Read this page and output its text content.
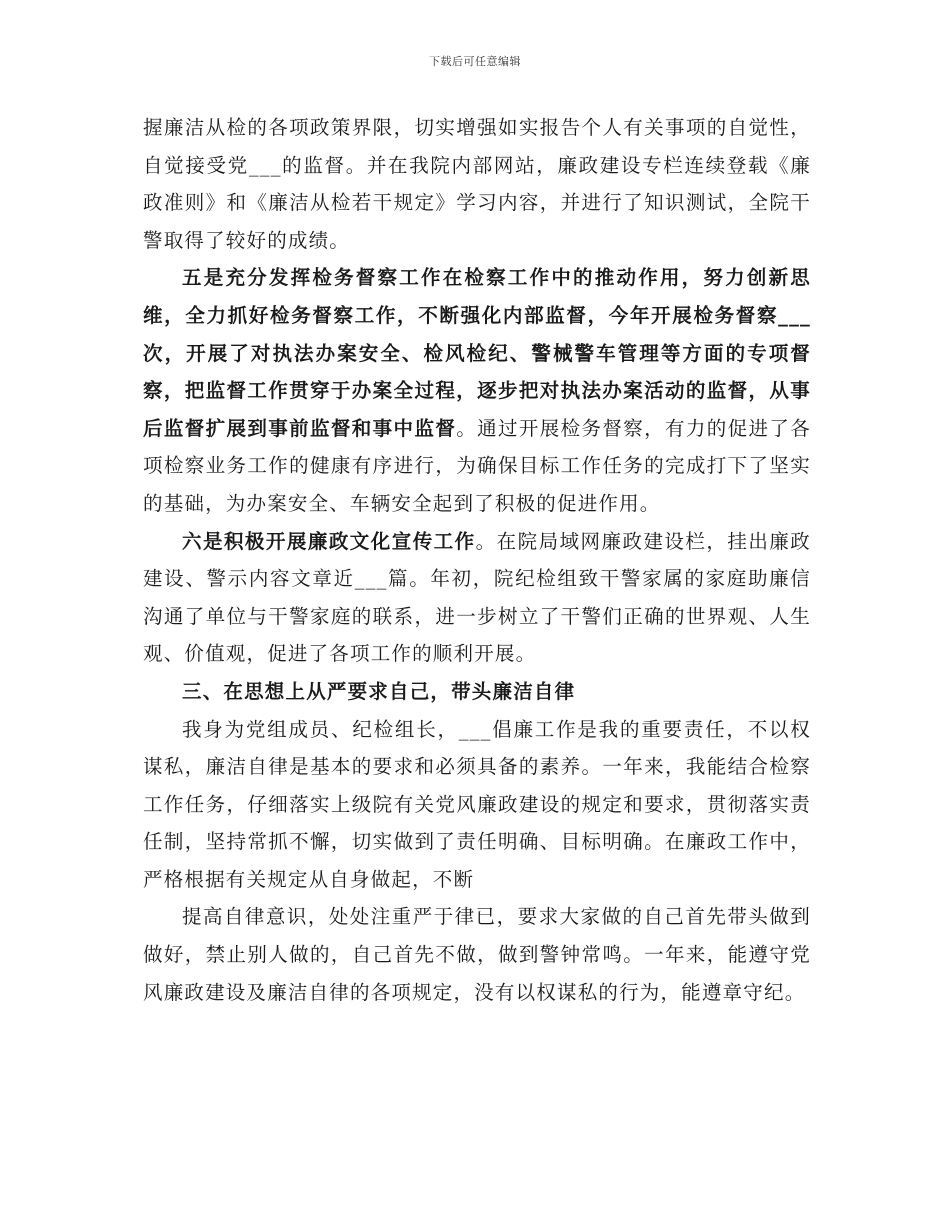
下载后可任意编辑

握廉洁从检的各项政策界限，切实增强如实报告个人有关事项的自觉性，自觉接受党___的监督。并在我院内部网站，廉政建设专栏连续登载《廉政准则》和《廉洁从检若干规定》学习内容，并进行了知识测试，全院干警取得了较好的成绩。

五是充分发挥检务督察工作在检察工作中的推动作用，努力创新思维，全力抓好检务督察工作，不断强化内部监督，今年开展检务督察___次，开展了对执法办案安全、检风检纪、警械警车管理等方面的专项督察，把监督工作贯穿于办案全过程，逐步把对执法办案活动的监督，从事后监督扩展到事前监督和事中监督。通过开展检务督察，有力的促进了各项检察业务工作的健康有序进行，为确保目标工作任务的完成打下了坚实的基础，为办案安全、车辆安全起到了积极的促进作用。

六是积极开展廉政文化宣传工作。在院局域网廉政建设栏，挂出廉政建设、警示内容文章近___篇。年初，院纪检组致干警家属的家庭助廉信沟通了单位与干警家庭的联系，进一步树立了干警们正确的世界观、人生观、价值观，促进了各项工作的顺利开展。

三、在思想上从严要求自己，带头廉洁自律

我身为党组成员、纪检组长，___倡廉工作是我的重要责任，不以权谋私，廉洁自律是基本的要求和必须具备的素养。一年来，我能结合检察工作任务，仔细落实上级院有关党风廉政建设的规定和要求，贯彻落实责任制，坚持常抓不懈，切实做到了责任明确、目标明确。在廉政工作中，严格根据有关规定从自身做起，不断

提高自律意识，处处注重严于律已，要求大家做的自己首先带头做到做好，禁止别人做的，自己首先不做，做到警钟常鸣。一年来，能遵守党风廉政建设及廉洁自律的各项规定，没有以权谋私的行为，能遵章守纪。
